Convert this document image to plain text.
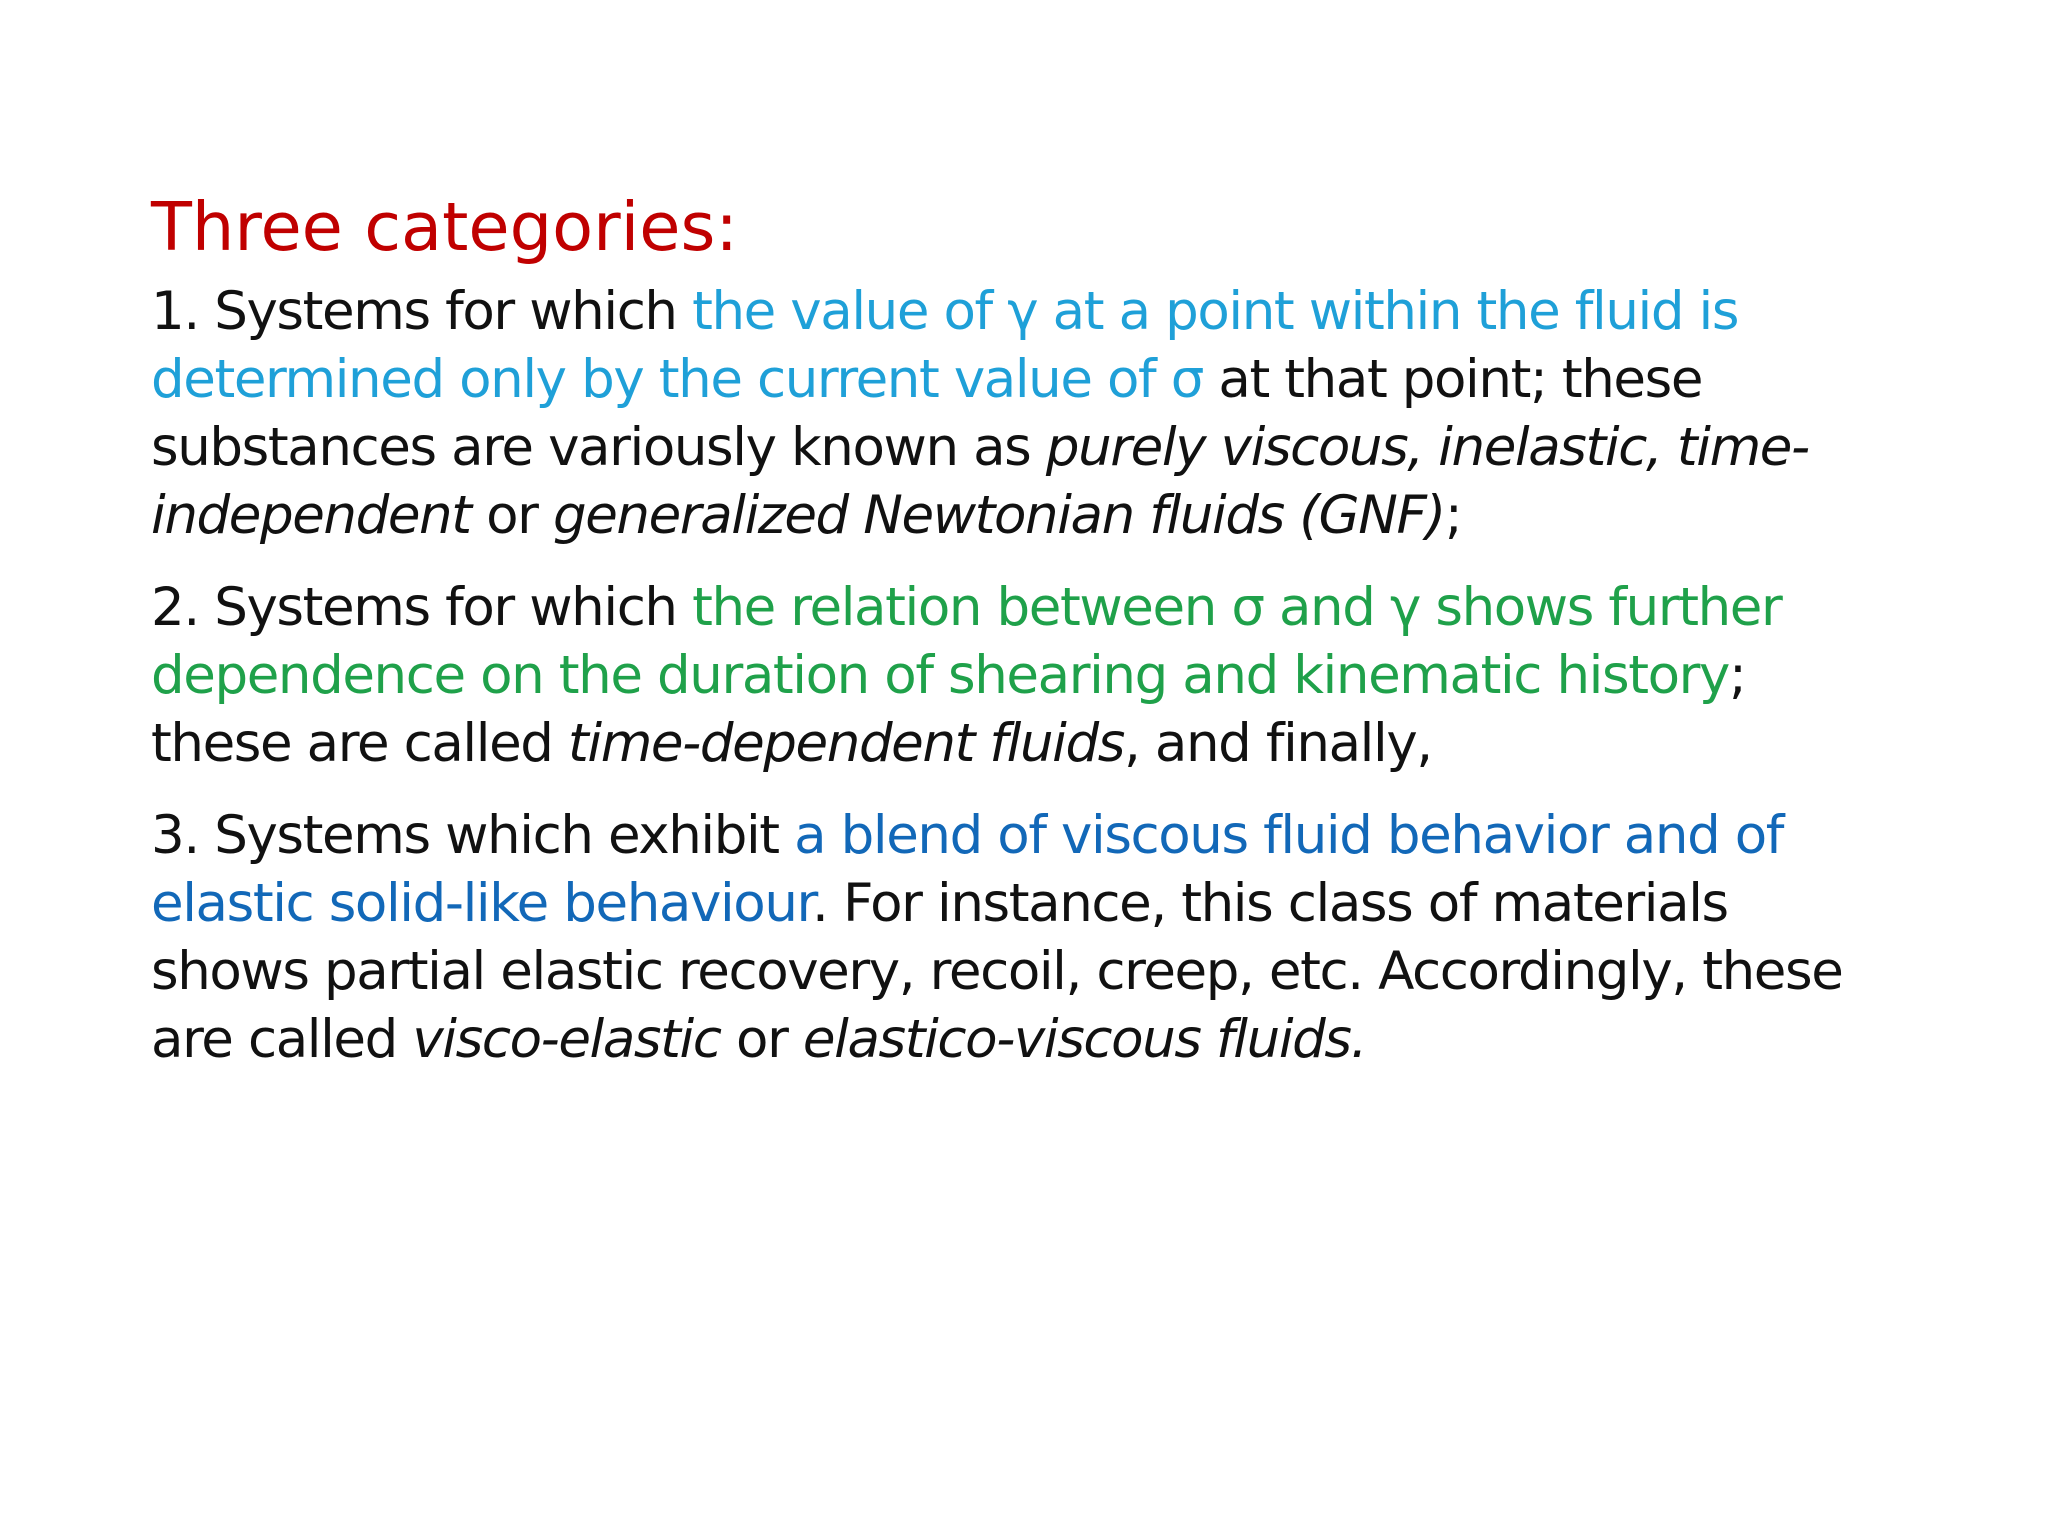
Three categories:
1. Systems for which the value of γ at a point within the fluid is
determined only by the current value of σ at that point; these
substances are variously known as purely viscous, inelastic, time-
independent or generalized Newtonian fluids (GNF);
2. Systems for which the relation between σ and γ shows further
dependence on the duration of shearing and kinematic history;
these are called time-dependent fluids, and finally,
3. Systems which exhibit a blend of viscous fluid behavior and of
elastic solid-like behaviour. For instance, this class of materials
shows partial elastic recovery, recoil, creep, etc. Accordingly, these
are called visco-elastic or elastico-viscous fluids.
